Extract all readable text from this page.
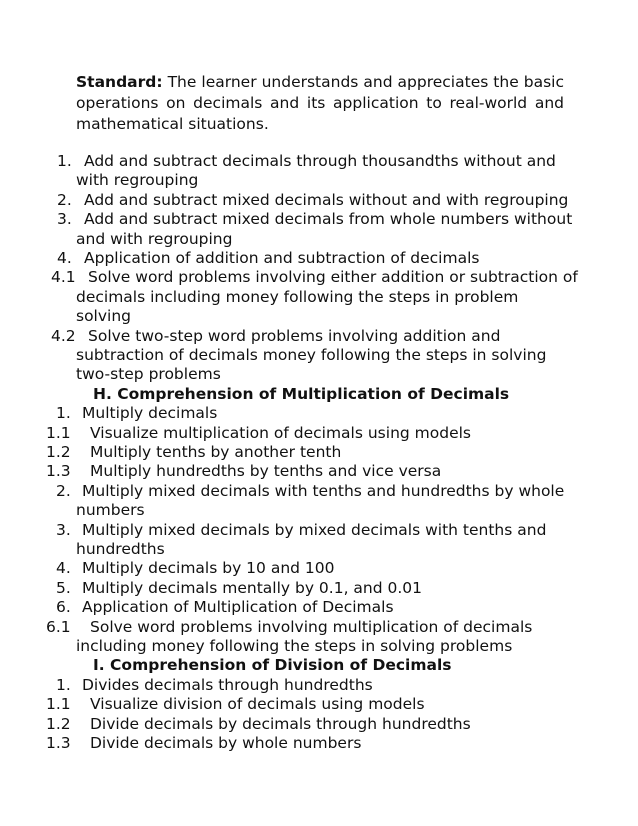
Standard: The learner understands and appreciates the basic operations on decimals and its application to real-world and mathematical situations.
1. Add and subtract decimals through thousandths without and
with regrouping
2. Add and subtract mixed decimals without and with regrouping
3. Add and subtract mixed decimals from whole numbers without
and with regrouping
4. Application of addition and subtraction of decimals
4.1 Solve word problems involving either addition or subtraction of
decimals including money following the steps in problem
solving
4.2 Solve two-step word problems involving addition and
subtraction of decimals money following the steps in solving
two-step problems
H. Comprehension of Multiplication of Decimals
1. Multiply decimals
1.1 Visualize multiplication of decimals using models
1.2 Multiply tenths by another tenth
1.3 Multiply hundredths by tenths and vice versa
2. Multiply mixed decimals with tenths and hundredths by whole
numbers
3. Multiply mixed decimals by mixed decimals with tenths and
hundredths
4. Multiply decimals by 10 and 100
5. Multiply decimals mentally by 0.1, and 0.01
6. Application of Multiplication of Decimals
6.1 Solve word problems involving multiplication of decimals
including money following the steps in solving problems
I. Comprehension of Division of Decimals
1. Divides decimals through hundredths
1.1 Visualize division of decimals using models
1.2 Divide decimals by decimals through hundredths
1.3 Divide decimals by whole numbers
